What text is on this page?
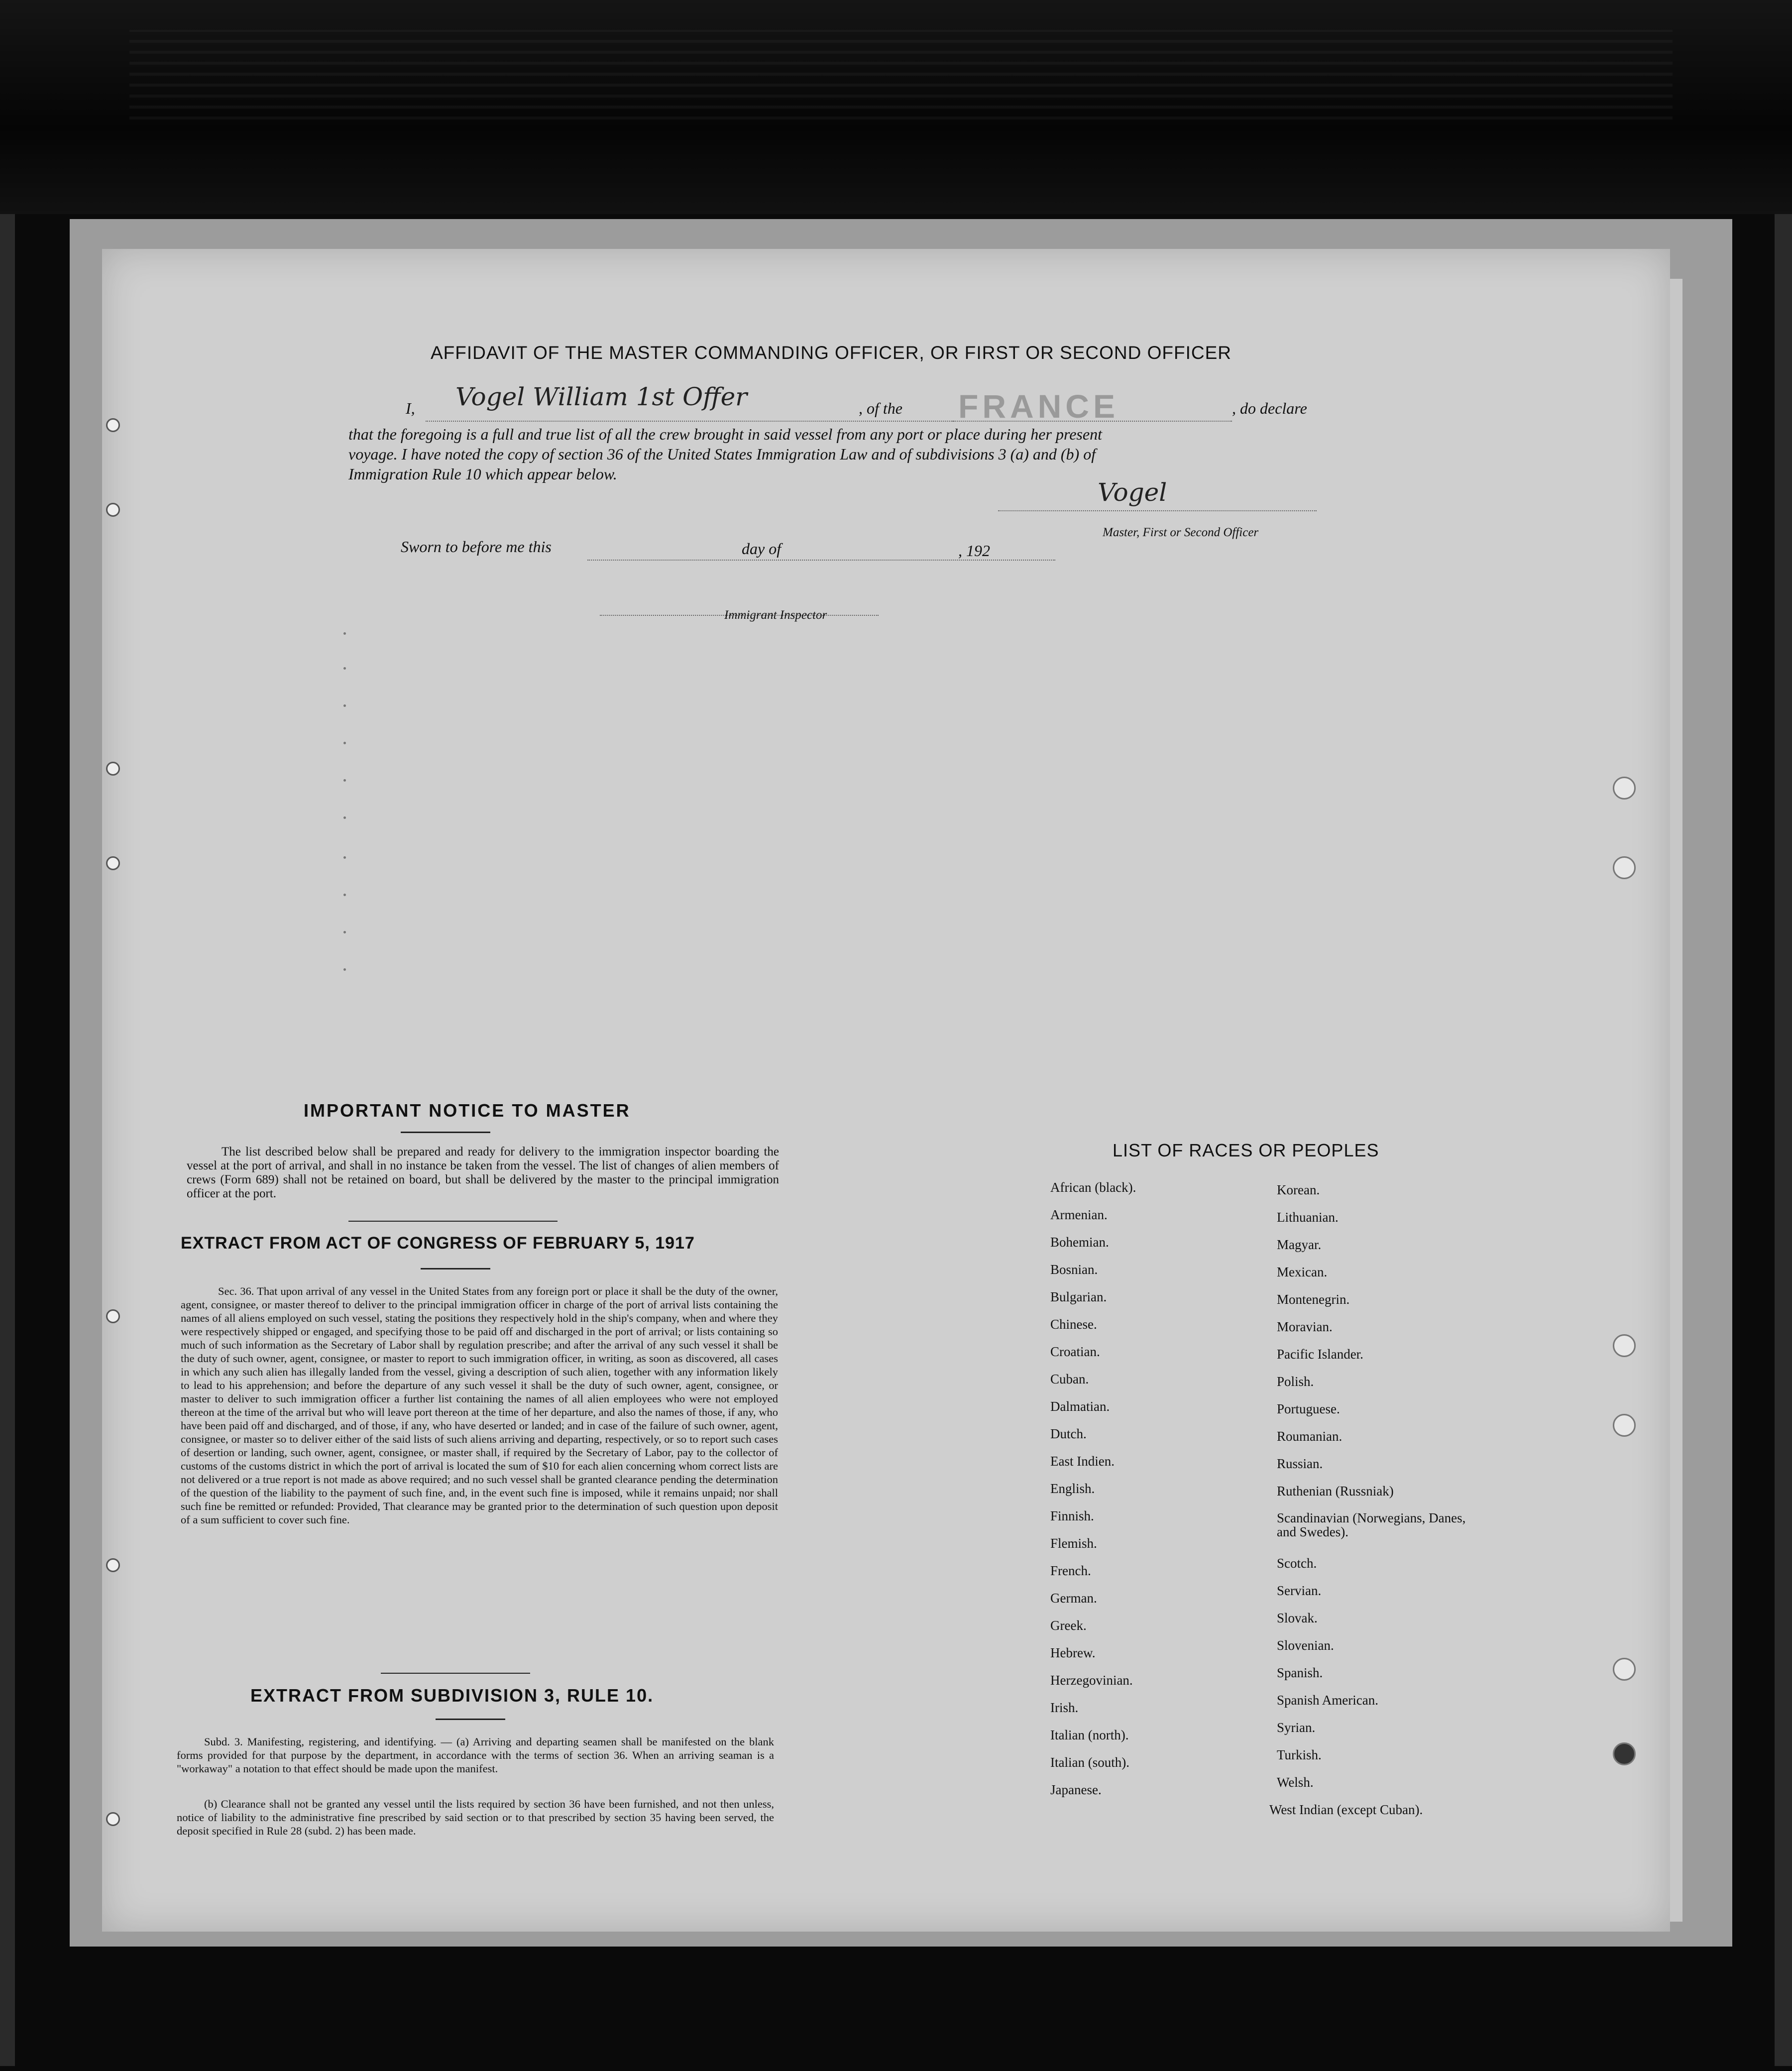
AFFIDAVIT OF THE MASTER COMMANDING OFFICER, OR FIRST OR SECOND OFFICER
I, Vogel William 1st Offer	, of the FRANCE	, do declare
that the foregoing is a full and true list of all the crew brought in said vessel from any port or place during her present
voyage. I have noted the copy of section 36 of the United States Immigration Law and of subdivisions 3 (a) and (b) of
Immigration Rule 10 which appear below.
Vogel
Master, First or Second Officer
Sworn to before me this	day of	, 192
Immigrant Inspector
IMPORTANT NOTICE TO MASTER
The list described below shall be prepared and ready for delivery to the immigration inspector boarding the vessel at the port of arrival, and shall in no instance be taken from the vessel. The list of changes of alien members of crews (Form 689) shall not be retained on board, but shall be delivered by the master to the principal immigration officer at the port.
EXTRACT FROM ACT OF CONGRESS OF FEBRUARY 5, 1917
Sec. 36. That upon arrival of any vessel in the United States from any foreign port or place it shall be the duty of the owner, agent, consignee, or master thereof to deliver to the principal immigration officer in charge of the port of arrival lists containing the names of all aliens employed on such vessel, stating the positions they respectively hold in the ship's company, when and where they were respectively shipped or engaged, and specifying those to be paid off and discharged in the port of arrival; or lists containing so much of such information as the Secretary of Labor shall by regulation prescribe; and after the arrival of any such vessel it shall be the duty of such owner, agent, consignee, or master to report to such immigration officer, in writing, as soon as discovered, all cases in which any such alien has illegally landed from the vessel, giving a description of such alien, together with any information likely to lead to his apprehension; and before the departure of any such vessel it shall be the duty of such owner, agent, consignee, or master to deliver to such immigration officer a further list containing the names of all alien employees who were not employed thereon at the time of the arrival but who will leave port thereon at the time of her departure, and also the names of those, if any, who have been paid off and discharged, and of those, if any, who have deserted or landed; and in case of the failure of such owner, agent, consignee, or master so to deliver either of the said lists of such aliens arriving and departing, respectively, or so to report such cases of desertion or landing, such owner, agent, consignee, or master shall, if required by the Secretary of Labor, pay to the collector of customs of the customs district in which the port of arrival is located the sum of $10 for each alien concerning whom correct lists are not delivered or a true report is not made as above required; and no such vessel shall be granted clearance pending the determination of the question of the liability to the payment of such fine, and, in the event such fine is imposed, while it remains unpaid; nor shall such fine be remitted or refunded: Provided, That clearance may be granted prior to the determination of such question upon deposit of a sum sufficient to cover such fine.
EXTRACT FROM SUBDIVISION 3, RULE 10.
Subd. 3. Manifesting, registering, and identifying. — (a) Arriving and departing seamen shall be manifested on the blank forms provided for that purpose by the department, in accordance with the terms of section 36. When an arriving seaman is a "workaway" a notation to that effect should be made upon the manifest.
(b) Clearance shall not be granted any vessel until the lists required by section 36 have been furnished, and not then unless, notice of liability to the administrative fine prescribed by said section or to that prescribed by section 35 having been served, the deposit specified in Rule 28 (subd. 2) has been made.
LIST OF RACES OR PEOPLES
African (black).
Armenian.
Bohemian.
Bosnian.
Bulgarian.
Chinese.
Croatian.
Cuban.
Dalmatian.
Dutch.
East Indien.
English.
Finnish.
Flemish.
French.
German.
Greek.
Hebrew.
Herzegovinian.
Irish.
Italian (north).
Italian (south).
Japanese.
Korean.
Lithuanian.
Magyar.
Mexican.
Montenegrin.
Moravian.
Pacific Islander.
Polish.
Portuguese.
Roumanian.
Russian.
Ruthenian (Russniak)
Scandinavian (Norwegians, Danes, and Swedes).
Scotch.
Servian.
Slovak.
Slovenian.
Spanish.
Spanish American.
Syrian.
Turkish.
Welsh.
West Indian (except Cuban).
